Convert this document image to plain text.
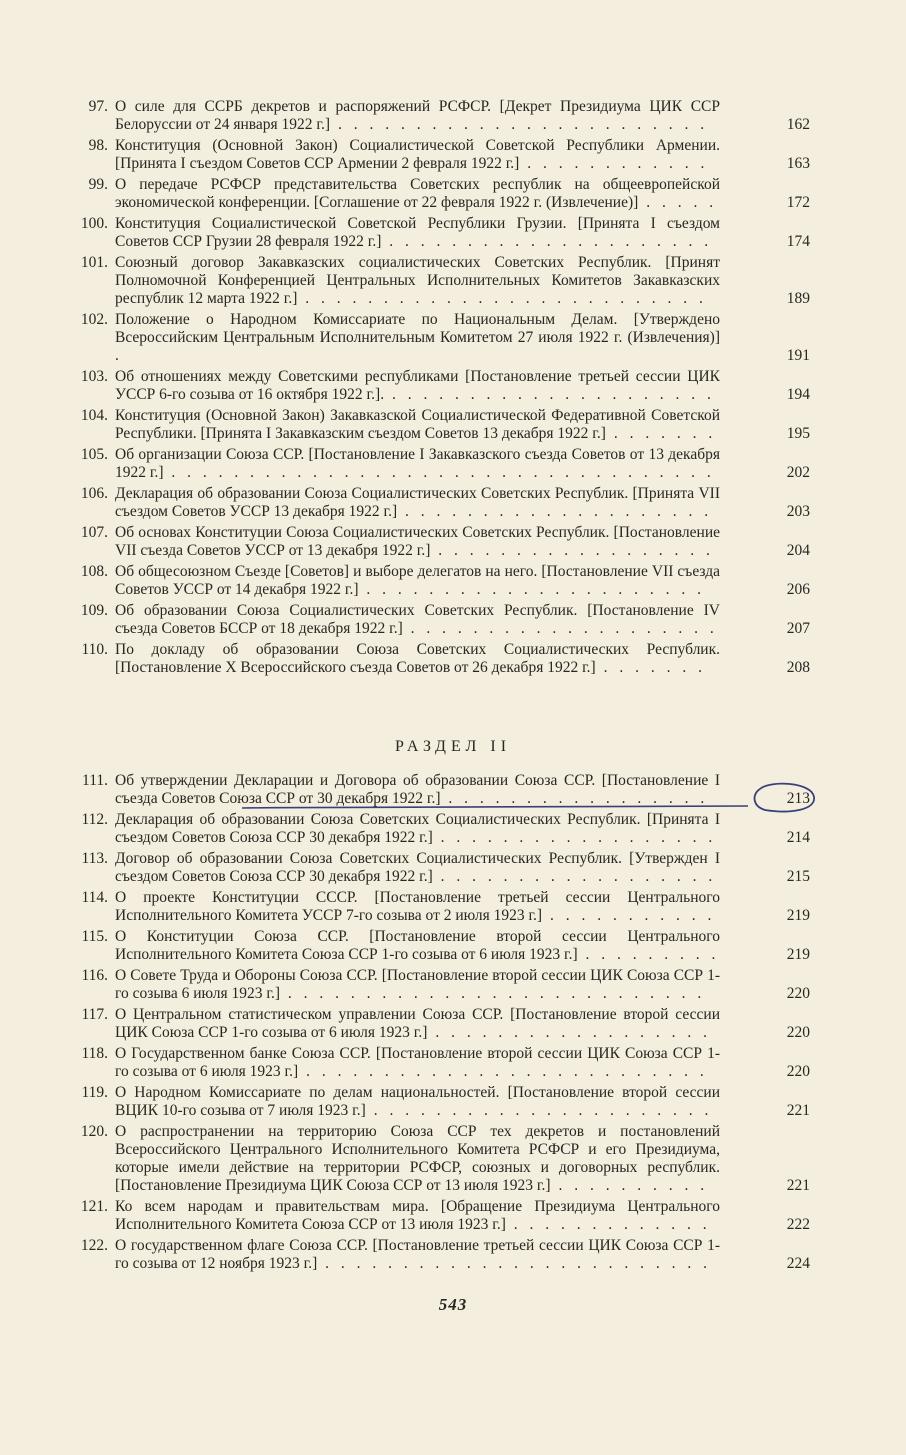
97. О силе для ССРБ декретов и распоряжений РСФСР. [Декрет Президиума ЦИК ССР Белоруссии от 24 января 1922 г.] . . . . . . . . . . . . . . . . . . . . . . . .	162
98. Конституция (Основной Закон) Социалистической Советской Республики Армении. [Принята I съездом Советов ССР Армении 2 февраля 1922 г.] . . . . . . . . . . . .	163
99. О передаче РСФСР представительства Советских республик на общеевропейской экономической конференции. [Соглашение от 22 февраля 1922 г. (Извлечение)] . . . . .	172
100. Конституция Социалистической Советской Республики Грузии. [Принята I съездом Советов ССР Грузии 28 февраля 1922 г.] . . . . . . . . . . . . . . . . . . . . .	174
101. Союзный договор Закавказских социалистических Советских Республик. [Принят Полномочной Конференцией Центральных Исполнительных Комитетов Закавказских республик 12 марта 1922 г.] . . . . . . . . . . . . . . . . . . . . . . . . . .	189
102. Положение о Народном Комиссариате по Национальным Делам. [Утверждено Всероссийским Центральным Исполнительным Комитетом 27 июля 1922 г. (Извлечения)] .	191
103. Об отношениях между Советскими республиками [Постановление третьей сессии ЦИК УССР 6-го созыва от 16 октября 1922 г.]. . . . . . . . . . . . . . . . . . . . . .	194
104. Конституция (Основной Закон) Закавказской Социалистической Федеративной Советской Республики. [Принята I Закавказским съездом Советов 13 декабря 1922 г.] . . . . . . .	195
105. Об организации Союза ССР. [Постановление I Закавказского съезда Советов от 13 декабря 1922 г.] . . . . . . . . . . . . . . . . . . . . . . . . . . . . . . . . . . .	202
106. Декларация об образовании Союза Социалистических Советских Республик. [Принята VII съездом Советов УССР 13 декабря 1922 г.] . . . . . . . . . . . . . . . . . . . .	203
107. Об основах Конституции Союза Социалистических Советских Республик. [Постановление VII съезда Советов УССР от 13 декабря 1922 г.] . . . . . . . . . . . . . . . . . .	204
108. Об общесоюзном Съезде [Советов] и выборе делегатов на него. [Постановление VII съезда Советов УССР от 14 декабря 1922 г.] . . . . . . . . . . . . . . . . . . . . . .	206
109. Об образовании Союза Социалистических Советских Республик. [Постановление IV съезда Советов БССР от 18 декабря 1922 г.] . . . . . . . . . . . . . . . . . . . .	207
110. По докладу об образовании Союза Советских Социалистических Республик. [Постановление X Всероссийского съезда Советов от 26 декабря 1922 г.] . . . . . . .	208
РАЗДЕЛ II
111. Об утверждении Декларации и Договора об образовании Союза ССР. [Постановление I съезда Советов Союза ССР от 30 декабря 1922 г.] . . . . . . . . . . . . . . . . .	213
112. Декларация об образовании Союза Советских Социалистических Республик. [Принята I съездом Советов Союза ССР 30 декабря 1922 г.] . . . . . . . . . . . . . . . . . .	214
113. Договор об образовании Союза Советских Социалистических Республик. [Утвержден I съездом Советов Союза ССР 30 декабря 1922 г.] . . . . . . . . . . . . . . . . . .	215
114. О проекте Конституции СССР. [Постановление третьей сессии Центрального Исполнительного Комитета УССР 7-го созыва от 2 июля 1923 г.] . . . . . . . . . . .	219
115. О Конституции Союза ССР. [Постановление второй сессии Центрального Исполнительного Комитета Союза ССР 1-го созыва от 6 июля 1923 г.] . . . . . . . . .	219
116. О Совете Труда и Обороны Союза ССР. [Постановление второй сессии ЦИК Союза ССР 1-го созыва 6 июля 1923 г.] . . . . . . . . . . . . . . . . . . . . . . . . . . .	220
117. О Центральном статистическом управлении Союза ССР. [Постановление второй сессии ЦИК Союза ССР 1-го созыва от 6 июля 1923 г.] . . . . . . . . . . . . . . . . . .	220
118. О Государственном банке Союза ССР. [Постановление второй сессии ЦИК Союза ССР 1-го созыва от 6 июля 1923 г.] . . . . . . . . . . . . . . . . . . . . . . . . . .	220
119. О Народном Комиссариате по делам национальностей. [Постановление второй сессии ВЦИК 10-го созыва от 7 июля 1923 г.] . . . . . . . . . . . . . . . . . . . . . .	221
120. О распространении на территорию Союза ССР тех декретов и постановлений Всероссийского Центрального Исполнительного Комитета РСФСР и его Президиума, которые имели действие на территории РСФСР, союзных и договорных республик. [Постановление Президиума ЦИК Союза ССР от 13 июля 1923 г.] . . . . . . . . . .	221
121. Ко всем народам и правительствам мира. [Обращение Президиума Центрального Исполнительного Комитета Союза ССР от 13 июля 1923 г.] . . . . . . . . . . . . .	222
122. О государственном флаге Союза ССР. [Постановление третьей сессии ЦИК Союза ССР 1-го созыва от 12 ноября 1923 г.] . . . . . . . . . . . . . . . . . . . . . . . . .	224
543
